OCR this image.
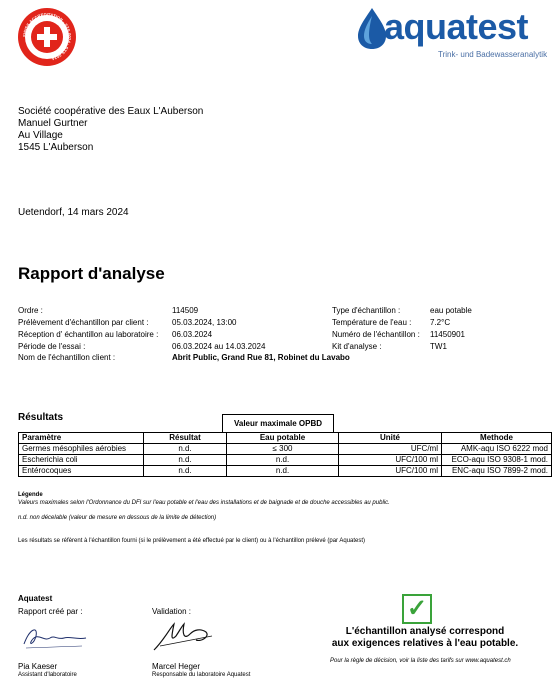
SWISS ACCREDITATION · STS 0024 · STS 0024
aquatest
Trink- und Badewasseranalytik
Société coopérative des Eaux L'Auberson
Manuel Gurtner
Au Village
1545 L'Auberson
Uetendorf, 14 mars 2024
Rapport d'analyse
Ordre :	114509
Prélèvement d'échantillon par client :	05.03.2024, 13:00
Réception d' échantillon au laboratoire : 06.03.2024
Période de l'essai :	06.03.2024 au 14.03.2024
Nom de l'échantillon client :	Abrit Public, Grand Rue 81, Robinet du Lavabo
Type d'échantillon :	eau potable
Température de l'eau : 7.2°C
Numéro de l'échantillon : 11450901
Kit d'analyse :	TW1
Résultats
Valeur maximale OPBD
Paramètre	Résultat	Eau potable	Unité	Methode
Germes mésophiles aérobies	n.d.	≤ 300	UFC/ml	AMK-aqu ISO 6222 mod
Escherichia coli	n.d.	n.d.	UFC/100 ml	ECO-aqu ISO 9308-1 mod.
Entérocoques	n.d.	n.d.	UFC/100 ml	ENC-aqu ISO 7899-2 mod.
Légende
Valeurs maximales selon l'Ordonnance du DFI sur l'eau potable et l'eau des installations et de baignade et de douche accessibles au public.
n.d. non décelable (valeur de mesure en dessous de la limite de détection)
Les résultats se réfèrent à l'échantillon fourni (si le prélèvement a été effectué par le client) ou à l'échantillon prélevé (par Aquatest)
Aquatest
Rapport créé par :	Validation :
Pia Kaeser
Assistant d'laboratoire
Marcel Heger
Responsable du laboratoire Aquatest
✓
L'échantillon analysé correspond
aux exigences relatives à l'eau potable.
Pour la règle de décision, voir la liste des tarifs sur www.aquatest.ch
